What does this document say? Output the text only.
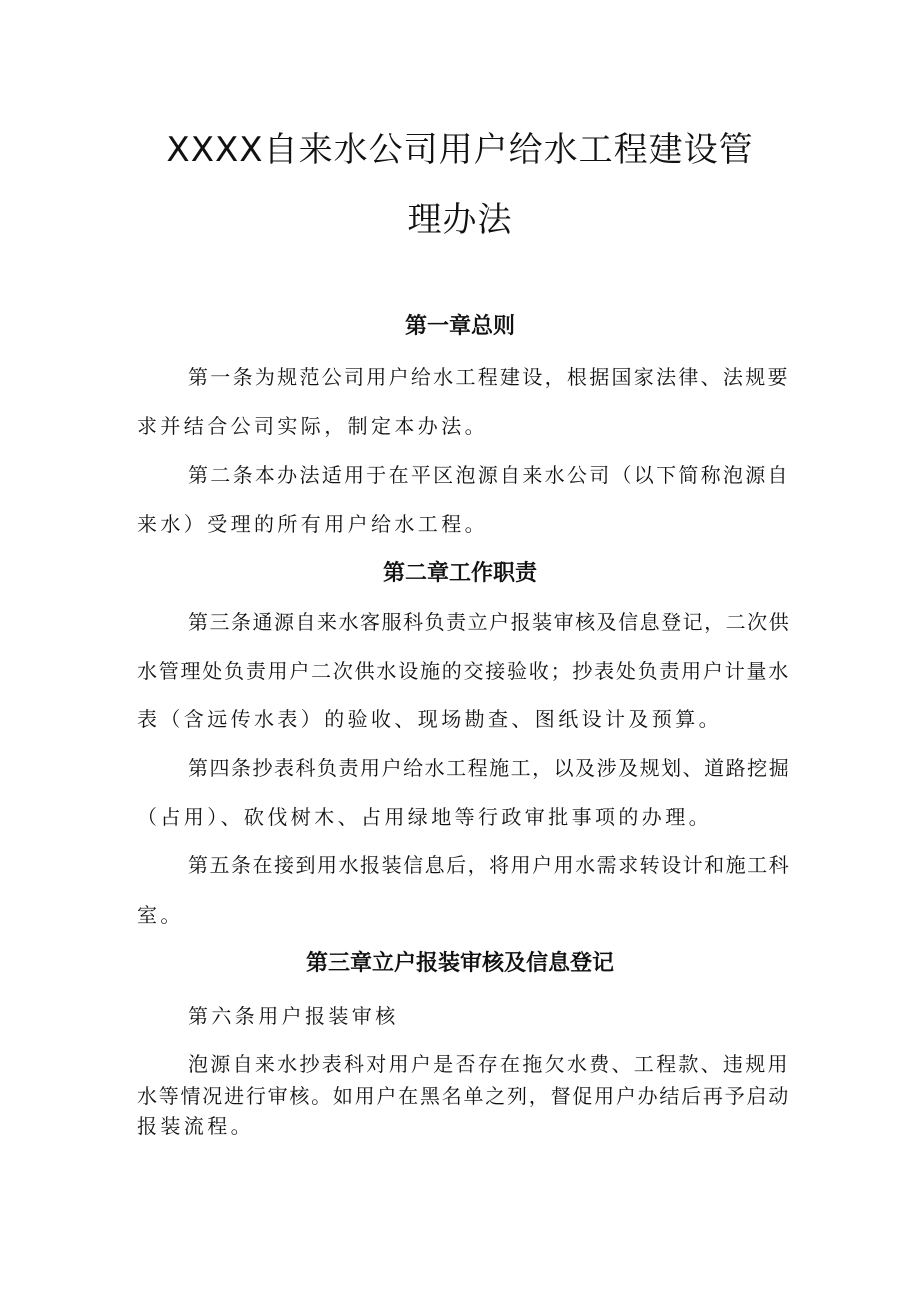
XXXX自来水公司用户给水工程建设管
理办法
第一章总则

第一条为规范公司用户给水工程建设，根据国家法律、法规要

求并结合公司实际，制定本办法。

第二条本办法适用于在平区泡源自来水公司（以下简称泡源自

来水）受理的所有用户给水工程。

第二章工作职责

第三条通源自来水客服科负责立户报装审核及信息登记，二次供

水管理处负责用户二次供水设施的交接验收；抄表处负责用户计量水

表（含远传水表）的验收、现场勘查、图纸设计及预算。

第四条抄表科负责用户给水工程施工，以及涉及规划、道路挖掘

（占用）、砍伐树木、占用绿地等行政审批事项的办理。

第五条在接到用水报装信息后，将用户用水需求转设计和施工科

室。

第三章立户报装审核及信息登记

第六条用户报装审核

泡源自来水抄表科对用户是否存在拖欠水费、工程款、违规用

水等情况进行审核。如用户在黑名单之列，督促用户办结后再予启动

报装流程。
